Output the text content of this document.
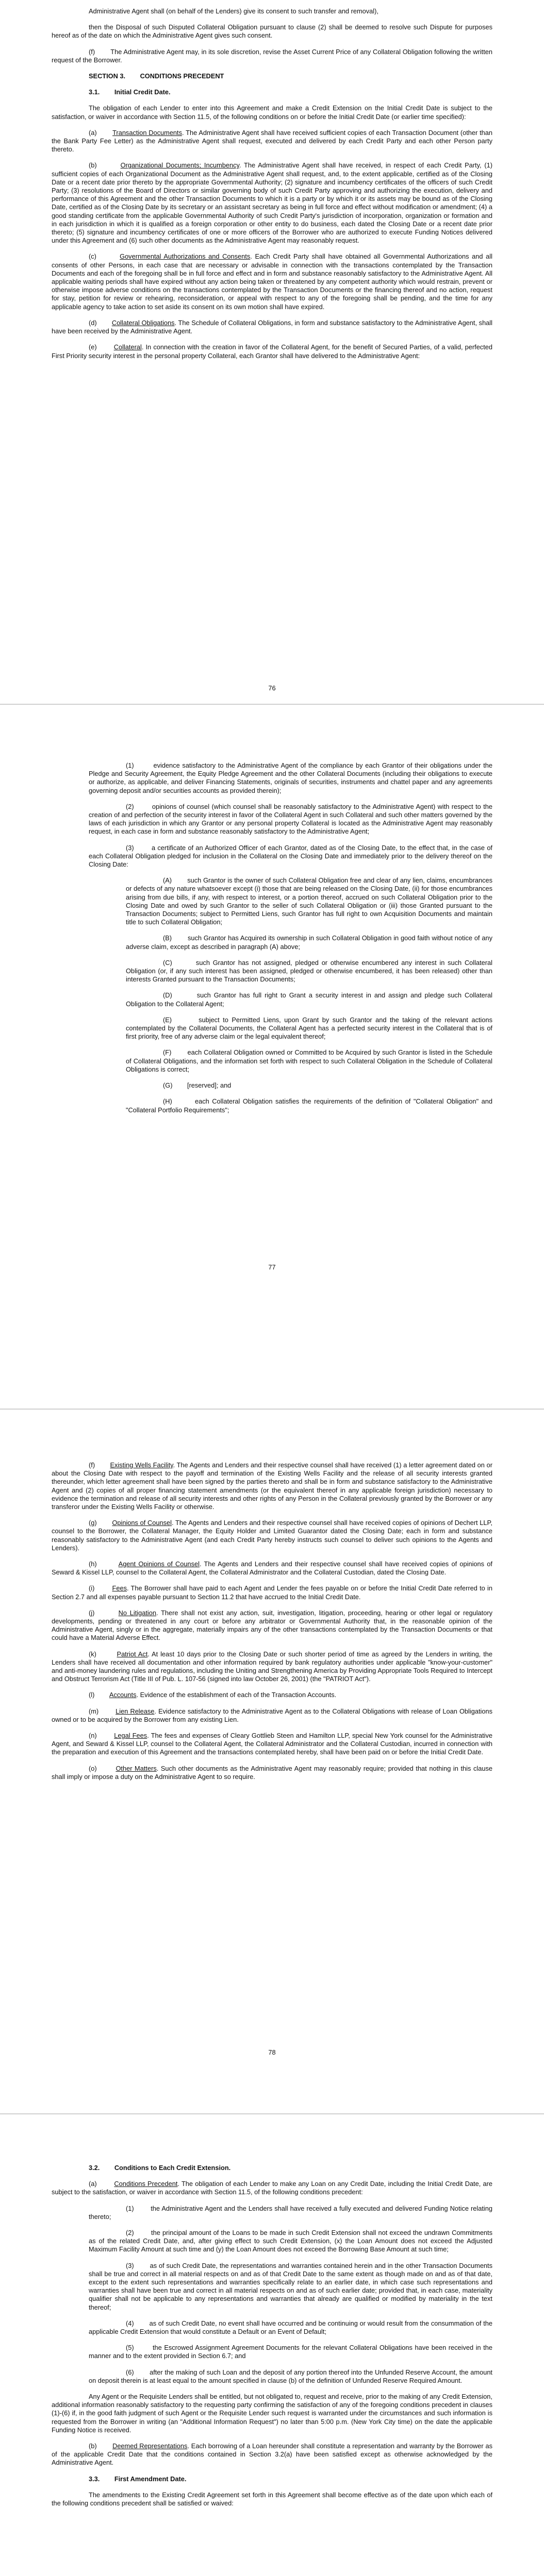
Administrative Agent shall (on behalf of the Lenders) give its consent to such transfer and removal),

then the Disposal of such Disputed Collateral Obligation pursuant to clause (2) shall be deemed to resolve such Dispute for purposes hereof as of the date on which the Administrative Agent gives such consent.

(f) The Administrative Agent may, in its sole discretion, revise the Asset Current Price of any Collateral Obligation following the written request of the Borrower.

SECTION 3. CONDITIONS PRECEDENT

3.1. Initial Credit Date.

The obligation of each Lender to enter into this Agreement and make a Credit Extension on the Initial Credit Date is subject to the satisfaction, or waiver in accordance with Section 11.5, of the following conditions on or before the Initial Credit Date (or earlier time specified):

(a) Transaction Documents. The Administrative Agent shall have received sufficient copies of each Transaction Document (other than the Bank Party Fee Letter) as the Administrative Agent shall request, executed and delivered by each Credit Party and each other Person party thereto.

(b)	Organizational Documents; Incumbency. The Administrative Agent shall have received, in respect of each Credit Party, (1) sufficient copies of each Organizational Document as the Administrative Agent shall request, and, to the extent applicable, certified as of the Closing Date or a recent date prior thereto by the appropriate Governmental Authority; (2) signature and incumbency certificates of the officers of such Credit Party; (3) resolutions of the Board of Directors or similar governing body of such Credit Party approving and authorizing the execution, delivery and performance of this Agreement and the other Transaction Documents to which it is a party or by which it or its assets may be bound as of the Closing Date, certified as of the Closing Date by its secretary or an assistant secretary as being in full force and effect without modification or amendment; (4) a good standing certificate from the applicable Governmental Authority of such Credit Party's jurisdiction of incorporation, organization or formation and in each jurisdiction in which it is qualified as a foreign corporation or other entity to do business, each dated the Closing Date or a recent date prior thereto; (5) signature and incumbency certificates of one or more officers of the Borrower who are authorized to execute Funding Notices delivered under this Agreement and (6) such other documents as the Administrative Agent may reasonably request.

(c)	Governmental Authorizations and Consents. Each Credit Party shall have obtained all Governmental Authorizations and all consents of other Persons, in each case that are necessary or advisable in connection with the transactions contemplated by the Transaction Documents and each of the foregoing shall be in full force and effect and in form and substance reasonably satisfactory to the Administrative Agent. All applicable waiting periods shall have expired without any action being taken or threatened by any competent authority which would restrain, prevent or otherwise impose adverse conditions on the transactions contemplated by the Transaction Documents or the financing thereof and no action, request for stay, petition for review or rehearing, reconsideration, or appeal with respect to any of the foregoing shall be pending, and the time for any applicable agency to take action to set aside its consent on its own motion shall have expired.

(d) Collateral Obligations. The Schedule of Collateral Obligations, in form and substance satisfactory to the Administrative Agent, shall have been received by the Administrative Agent.

(e)	Collateral. In connection with the creation in favor of the Collateral Agent, for the benefit of Secured Parties, of a valid, perfected First Priority security interest in the personal property Collateral, each Grantor shall have delivered to the Administrative Agent:

76

(1)	evidence satisfactory to the Administrative Agent of the compliance by each Grantor of their obligations under the Pledge and Security Agreement, the Equity Pledge Agreement and the other Collateral Documents (including their obligations to execute or authorize, as applicable, and deliver Financing Statements, originals of securities, instruments and chattel paper and any agreements governing deposit and/or securities accounts as provided therein);

(2)	opinions of counsel (which counsel shall be reasonably satisfactory to the Administrative Agent) with respect to the creation of and perfection of the security interest in favor of the Collateral Agent in such Collateral and such other matters governed by the laws of each jurisdiction in which any Grantor or any personal property Collateral is located as the Administrative Agent may reasonably request, in each case in form and substance reasonably satisfactory to the Administrative Agent;

(3)	a certificate of an Authorized Officer of each Grantor, dated as of the Closing Date, to the effect that, in the case of each Collateral Obligation pledged for inclusion in the Collateral on the Closing Date and immediately prior to the delivery thereof on the Closing Date:

(A) such Grantor is the owner of such Collateral Obligation free and clear of any lien, claims, encumbrances or defects of any nature whatsoever except (i) those that are being released on the Closing Date, (ii) for those encumbrances arising from due bills, if any, with respect to interest, or a portion thereof, accrued on such Collateral Obligation prior to the Closing Date and owed by such Grantor to the seller of such Collateral Obligation or (iii) those Granted pursuant to the Transaction Documents; subject to Permitted Liens, such Grantor has full right to own Acquisition Documents and maintain title to such Collateral Obligation;

(B) such Grantor has Acquired its ownership in such Collateral Obligation in good faith without notice of any adverse claim, except as described in paragraph (A) above;

(C)	such Grantor has not assigned, pledged or otherwise encumbered any interest in such Collateral Obligation (or, if any such interest has been assigned, pledged or otherwise encumbered, it has been released) other than interests Granted pursuant to the Transaction Documents;

(D)	such Grantor has full right to Grant a security interest in and assign and pledge such Collateral Obligation to the Collateral Agent;

(E)	subject to Permitted Liens, upon Grant by such Grantor and the taking of the relevant actions contemplated by the Collateral Documents, the Collateral Agent has a perfected security interest in the Collateral that is of first priority, free of any adverse claim or the legal equivalent thereof;

(F) each Collateral Obligation owned or Committed to be Acquired by such Grantor is listed in the Schedule of Collateral Obligations, and the information set forth with respect to such Collateral Obligation in the Schedule of Collateral Obligations is correct;

(G) [reserved]; and

(H)	each Collateral Obligation satisfies the requirements of the definition of "Collateral Obligation" and "Collateral Portfolio Requirements";

77

(f) Existing Wells Facility. The Agents and Lenders and their respective counsel shall have received (1) a letter agreement dated on or about the Closing Date with respect to the payoff and termination of the Existing Wells Facility and the release of all security interests granted thereunder, which letter agreement shall have been signed by the parties thereto and shall be in form and substance satisfactory to the Administrative Agent and (2) copies of all proper financing statement amendments (or the equivalent thereof in any applicable foreign jurisdiction) necessary to evidence the termination and release of all security interests and other rights of any Person in the Collateral previously granted by the Borrower or any transferor under the Existing Wells Facility or otherwise.

(g) Opinions of Counsel. The Agents and Lenders and their respective counsel shall have received copies of opinions of Dechert LLP, counsel to the Borrower, the Collateral Manager, the Equity Holder and Limited Guarantor dated the Closing Date; each in form and substance reasonably satisfactory to the Administrative Agent (and each Credit Party hereby instructs such counsel to deliver such opinions to the Agents and Lenders).

(h)	Agent Opinions of Counsel. The Agents and Lenders and their respective counsel shall have received copies of opinions of Seward & Kissel LLP, counsel to the Collateral Agent, the Collateral Administrator and the Collateral Custodian, dated the Closing Date.

(i)	Fees. The Borrower shall have paid to each Agent and Lender the fees payable on or before the Initial Credit Date referred to in Section 2.7 and all expenses payable pursuant to Section 11.2 that have accrued to the Initial Credit Date.

(j)	No Litigation. There shall not exist any action, suit, investigation, litigation, proceeding, hearing or other legal or regulatory developments, pending or threatened in any court or before any arbitrator or Governmental Authority that, in the reasonable opinion of the Administrative Agent, singly or in the aggregate, materially impairs any of the other transactions contemplated by the Transaction Documents or that could have a Material Adverse Effect.

(k)	Patriot Act. At least 10 days prior to the Closing Date or such shorter period of time as agreed by the Lenders in writing, the Lenders shall have received all documentation and other information required by bank regulatory authorities under applicable "know-your-customer" and anti-money laundering rules and regulations, including the Uniting and Strengthening America by Providing Appropriate Tools Required to Intercept and Obstruct Terrorism Act (Title III of Pub. L. 107-56 (signed into law October 26, 2001) (the "PATRIOT Act").

(l) Accounts. Evidence of the establishment of each of the Transaction Accounts.

(m)	Lien Release. Evidence satisfactory to the Administrative Agent as to the Collateral Obligations with release of Loan Obligations owned or to be acquired by the Borrower from any existing Lien.

(n)	Legal Fees. The fees and expenses of Cleary Gottlieb Steen and Hamilton LLP, special New York counsel for the Administrative Agent, and Seward & Kissel LLP, counsel to the Collateral Agent, the Collateral Administrator and the Collateral Custodian, incurred in connection with the preparation and execution of this Agreement and the transactions contemplated hereby, shall have been paid on or before the Initial Credit Date.

(o)	Other Matters. Such other documents as the Administrative Agent may reasonably require; provided that nothing in this clause shall imply or impose a duty on the Administrative Agent to so require.

78

3.2. Conditions to Each Credit Extension.

(a)	Conditions Precedent. The obligation of each Lender to make any Loan on any Credit Date, including the Initial Credit Date, are subject to the satisfaction, or waiver in accordance with Section 11.5, of the following conditions precedent:

(1)	the Administrative Agent and the Lenders shall have received a fully executed and delivered Funding Notice relating thereto;

(2)	the principal amount of the Loans to be made in such Credit Extension shall not exceed the undrawn Commitments as of the related Credit Date, and, after giving effect to such Credit Extension, (x) the Loan Amount does not exceed the Adjusted Maximum Facility Amount at such time and (y) the Loan Amount does not exceed the Borrowing Base Amount at such time;

(3) as of such Credit Date, the representations and warranties contained herein and in the other Transaction Documents shall be true and correct in all material respects on and as of that Credit Date to the same extent as though made on and as of that date, except to the extent such representations and warranties specifically relate to an earlier date, in which case such representations and warranties shall have been true and correct in all material respects on and as of such earlier date; provided that, in each case, materiality qualifier shall not be applicable to any representations and warranties that already are qualified or modified by materiality in the text thereof;

(4) as of such Credit Date, no event shall have occurred and be continuing or would result from the consummation of the applicable Credit Extension that would constitute a Default or an Event of Default;

(5)	the Escrowed Assignment Agreement Documents for the relevant Collateral Obligations have been received in the manner and to the extent provided in Section 6.7; and

(6) after the making of such Loan and the deposit of any portion thereof into the Unfunded Reserve Account, the amount on deposit therein is at least equal to the amount specified in clause (b) of the definition of Unfunded Reserve Required Amount.

Any Agent or the Requisite Lenders shall be entitled, but not obligated to, request and receive, prior to the making of any Credit Extension, additional information reasonably satisfactory to the requesting party confirming the satisfaction of any of the foregoing conditions precedent in clauses (1)-(6) if, in the good faith judgment of such Agent or the Requisite Lender such request is warranted under the circumstances and such information is requested from the Borrower in writing (an "Additional Information Request") no later than 5:00 p.m. (New York City time) on the date the applicable Funding Notice is received.

(b) Deemed Representations. Each borrowing of a Loan hereunder shall constitute a representation and warranty by the Borrower as of the applicable Credit Date that the conditions contained in Section 3.2(a) have been satisfied except as otherwise acknowledged by the Administrative Agent.

3.3. First Amendment Date.

The amendments to the Existing Credit Agreement set forth in this Agreement shall become effective as of the date upon which each of the following conditions precedent shall be satisfied or waived:
